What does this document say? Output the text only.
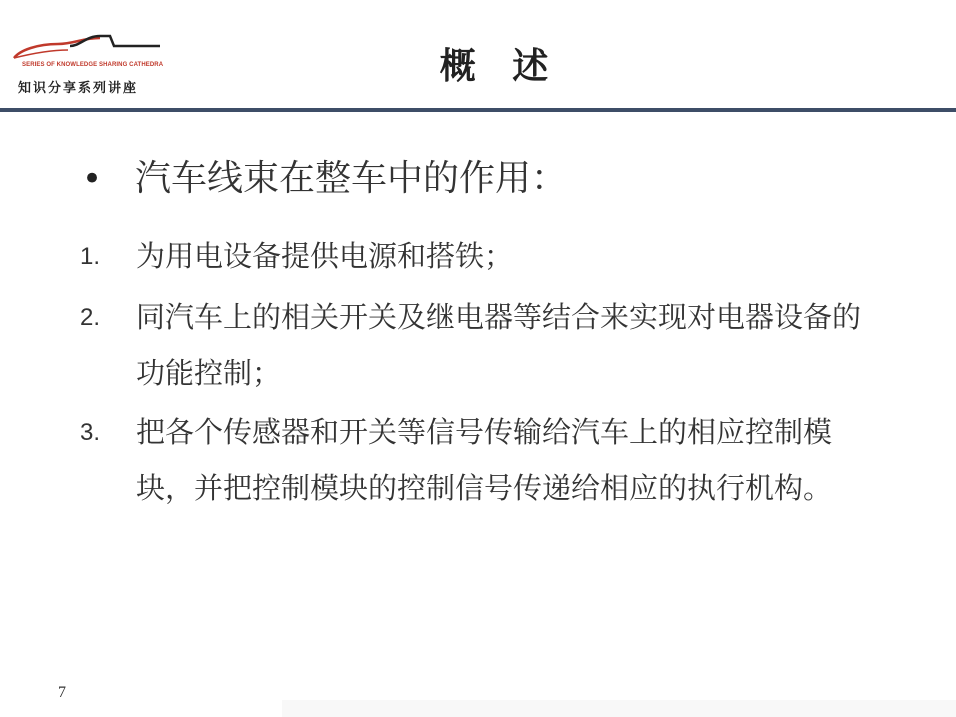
SERIES OF KNOWLEDGE SHARING CATHEDRA
知识分享系列讲座
概 述
• 汽车线束在整车中的作用：
1.	为用电设备提供电源和搭铁；
2.	同汽车上的相关开关及继电器等结合来实现对电器设备的功能控制；
3.	把各个传感器和开关等信号传输给汽车上的相应控制模块，并把控制模块的控制信号传递给相应的执行机构。
7
